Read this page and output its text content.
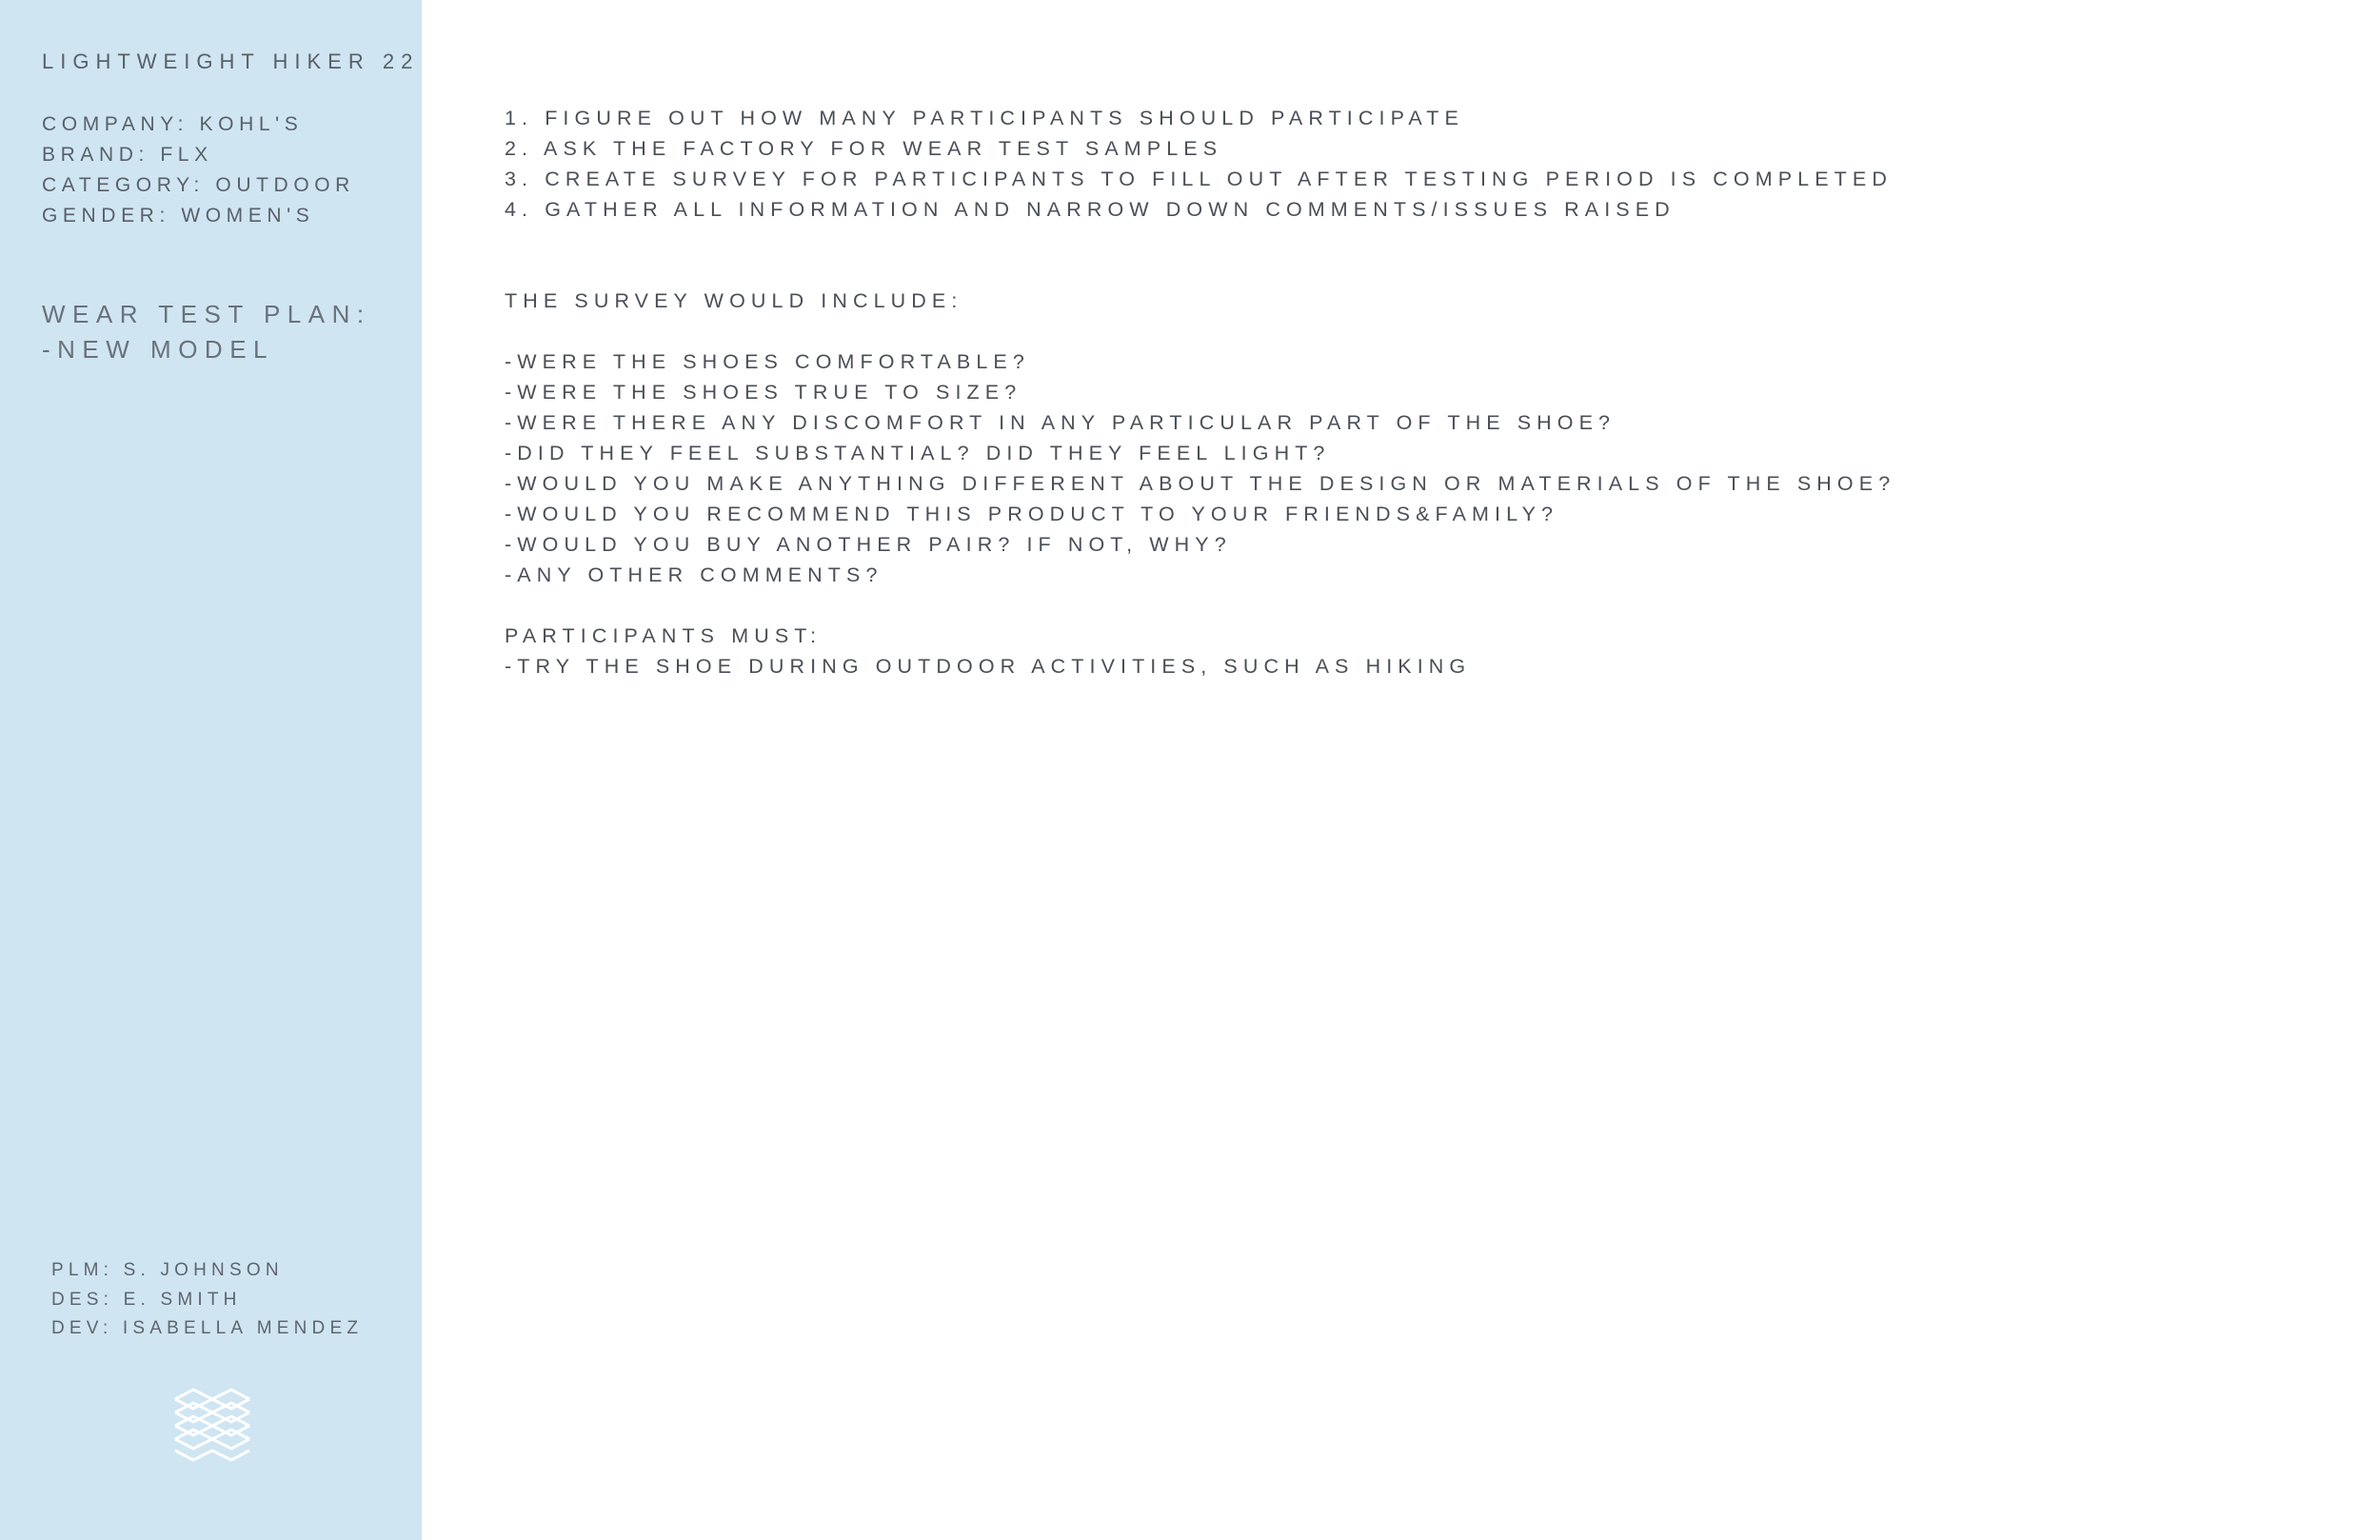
LIGHTWEIGHT HIKER 22

COMPANY: KOHL'S
BRAND: FLX
CATEGORY: OUTDOOR
GENDER: WOMEN'S
WEAR TEST PLAN:
-NEW MODEL
PLM: S. JOHNSON
DES: E. SMITH
DEV: ISABELLA MENDEZ
1. FIGURE OUT HOW MANY PARTICIPANTS SHOULD PARTICIPATE
2. ASK THE FACTORY FOR WEAR TEST SAMPLES
3. CREATE SURVEY FOR PARTICIPANTS TO FILL OUT AFTER TESTING PERIOD IS COMPLETED
4. GATHER ALL INFORMATION AND NARROW DOWN COMMENTS/ISSUES RAISED
THE SURVEY WOULD INCLUDE:
-WERE THE SHOES COMFORTABLE?
-WERE THE SHOES TRUE TO SIZE?
-WERE THERE ANY DISCOMFORT IN ANY PARTICULAR PART OF THE SHOE?
-DID THEY FEEL SUBSTANTIAL? DID THEY FEEL LIGHT?
-WOULD YOU MAKE ANYTHING DIFFERENT ABOUT THE DESIGN OR MATERIALS OF THE SHOE?
-WOULD YOU RECOMMEND THIS PRODUCT TO YOUR FRIENDS&FAMILY?
-WOULD YOU BUY ANOTHER PAIR? IF NOT, WHY?
-ANY OTHER COMMENTS?
PARTICIPANTS MUST:
-TRY THE SHOE DURING OUTDOOR ACTIVITIES, SUCH AS HIKING
